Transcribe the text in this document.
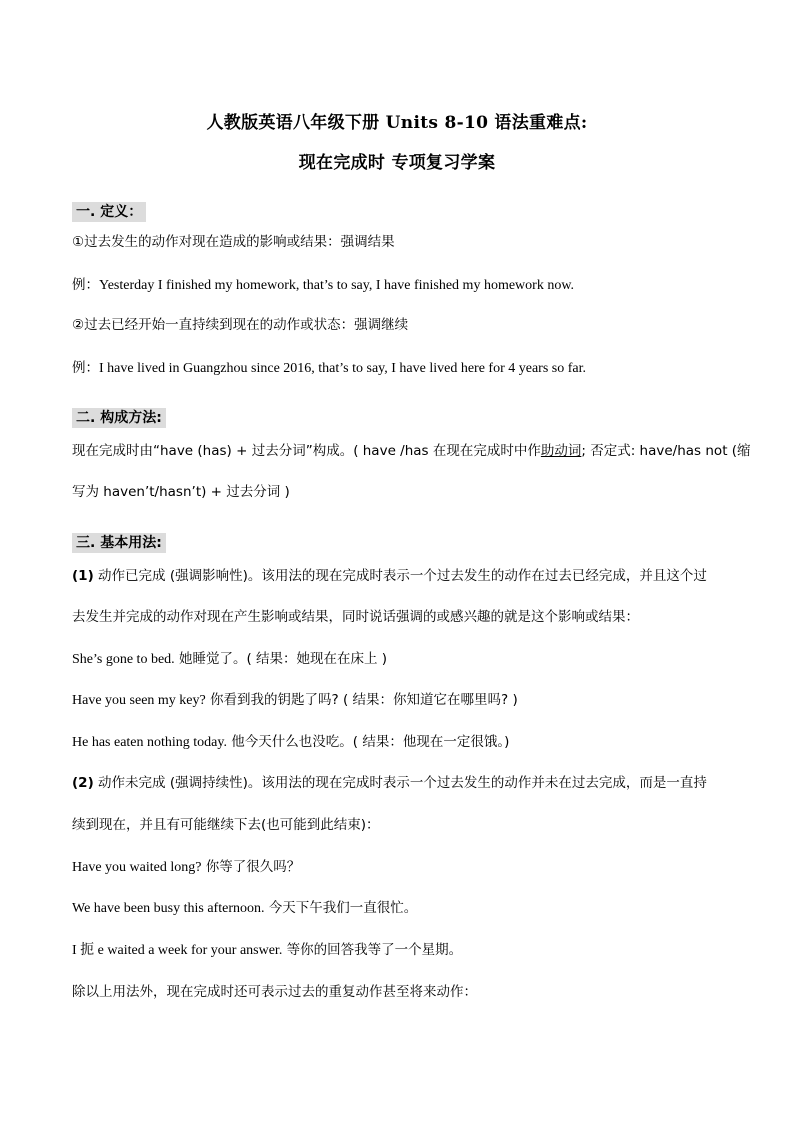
人教版英语八年级下册 Units 8-10 语法重难点:
现在完成时 专项复习学案
一. 定义：
①过去发生的动作对现在造成的影响或结果：强调结果
例：Yesterday I finished my homework, that’s to say, I have finished my homework now.
②过去已经开始一直持续到现在的动作或状态：强调继续
例：I have lived in Guangzhou since 2016, that’s to say, I have lived here for 4 years so far.
二. 构成方法:
现在完成时由“have (has) + 过去分词”构成。( have /has 在现在完成时中作助动词; 否定式: have/has not (缩
写为 haven’t/hasn’t) + 过去分词 )
三. 基本用法:
(1) 动作已完成 (强调影响性)。该用法的现在完成时表示一个过去发生的动作在过去已经完成，并且这个过
去发生并完成的动作对现在产生影响或结果，同时说话强调的或感兴趣的就是这个影响或结果：
She’s gone to bed. 她睡觉了。( 结果：她现在在床上 )
Have you seen my key? 你看到我的钥匙了吗? ( 结果：你知道它在哪里吗? )
He has eaten nothing today. 他今天什么也没吃。( 结果：他现在一定很饿。)
(2) 动作未完成 (强调持续性)。该用法的现在完成时表示一个过去发生的动作并未在过去完成，而是一直持
续到现在，并且有可能继续下去(也可能到此结束)：
Have you waited long? 你等了很久吗？
We have been busy this afternoon. 今天下午我们一直很忙。
I 扼 e waited a week for your answer. 等你的回答我等了一个星期。
除以上用法外，现在完成时还可表示过去的重复动作甚至将来动作：
